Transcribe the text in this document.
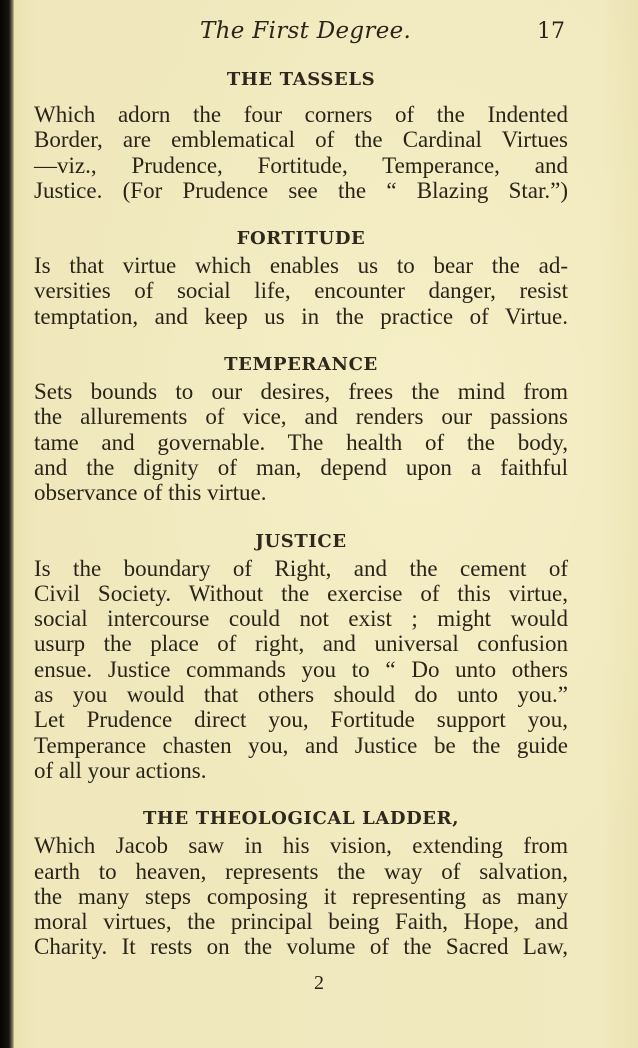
The First Degree.	17
THE TASSELS

Which adorn the four corners of the Indented
Border, are emblematical of the Cardinal Virtues
—viz., Prudence, Fortitude, Temperance, and
Justice. (For Prudence see the “ Blazing Star.”)

FORTITUDE

Is that virtue which enables us to bear the ad-
versities of social life, encounter danger, resist
temptation, and keep us in the practice of Virtue.

TEMPERANCE

Sets bounds to our desires, frees the mind from
the allurements of vice, and renders our passions
tame and governable. The health of the body,
and the dignity of man, depend upon a faithful
observance of this virtue.

JUSTICE

Is the boundary of Right, and the cement of
Civil Society. Without the exercise of this virtue,
social intercourse could not exist ; might would
usurp the place of right, and universal confusion
ensue. Justice commands you to “ Do unto others
as you would that others should do unto you.”
Let Prudence direct you, Fortitude support you,
Temperance chasten you, and Justice be the guide
of all your actions.

THE THEOLOGICAL LADDER,

Which Jacob saw in his vision, extending from
earth to heaven, represents the way of salvation,
the many steps composing it representing as many
moral virtues, the principal being Faith, Hope, and
Charity. It rests on the volume of the Sacred Law,

2
